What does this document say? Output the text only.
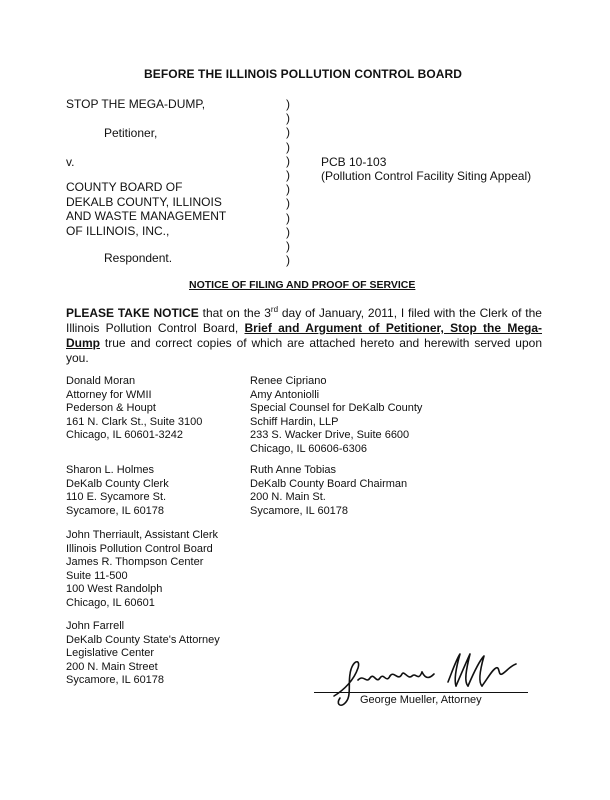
BEFORE THE ILLINOIS POLLUTION CONTROL BOARD
STOP THE MEGA-DUMP,
Petitioner,
v.
COUNTY BOARD OF
DEKALB COUNTY, ILLINOIS
AND WASTE MANAGEMENT
OF ILLINOIS, INC.,
Respondent.
)
)
)
)
)
)
)
)
)
)
)
)
PCB 10-103
(Pollution Control Facility Siting Appeal)
NOTICE OF FILING AND PROOF OF SERVICE
PLEASE TAKE NOTICE that on the 3rd day of January, 2011, I filed with the Clerk of the Illinois Pollution Control Board, Brief and Argument of Petitioner, Stop the Mega-Dump true and correct copies of which are attached hereto and herewith served upon you.
Donald Moran
Attorney for WMII
Pederson & Houpt
161 N. Clark St., Suite 3100
Chicago, IL 60601-3242
Sharon L. Holmes
DeKalb County Clerk
110 E. Sycamore St.
Sycamore, IL 60178
John Therriault, Assistant Clerk
Illinois Pollution Control Board
James R. Thompson Center
Suite 11-500
100 West Randolph
Chicago, IL 60601
John Farrell
DeKalb County State's Attorney
Legislative Center
200 N. Main Street
Sycamore, IL 60178
Renee Cipriano
Amy Antoniolli
Special Counsel for DeKalb County
Schiff Hardin, LLP
233 S. Wacker Drive, Suite 6600
Chicago, IL 60606-6306
Ruth Anne Tobias
DeKalb County Board Chairman
200 N. Main St.
Sycamore, IL 60178
George Mueller, Attorney
